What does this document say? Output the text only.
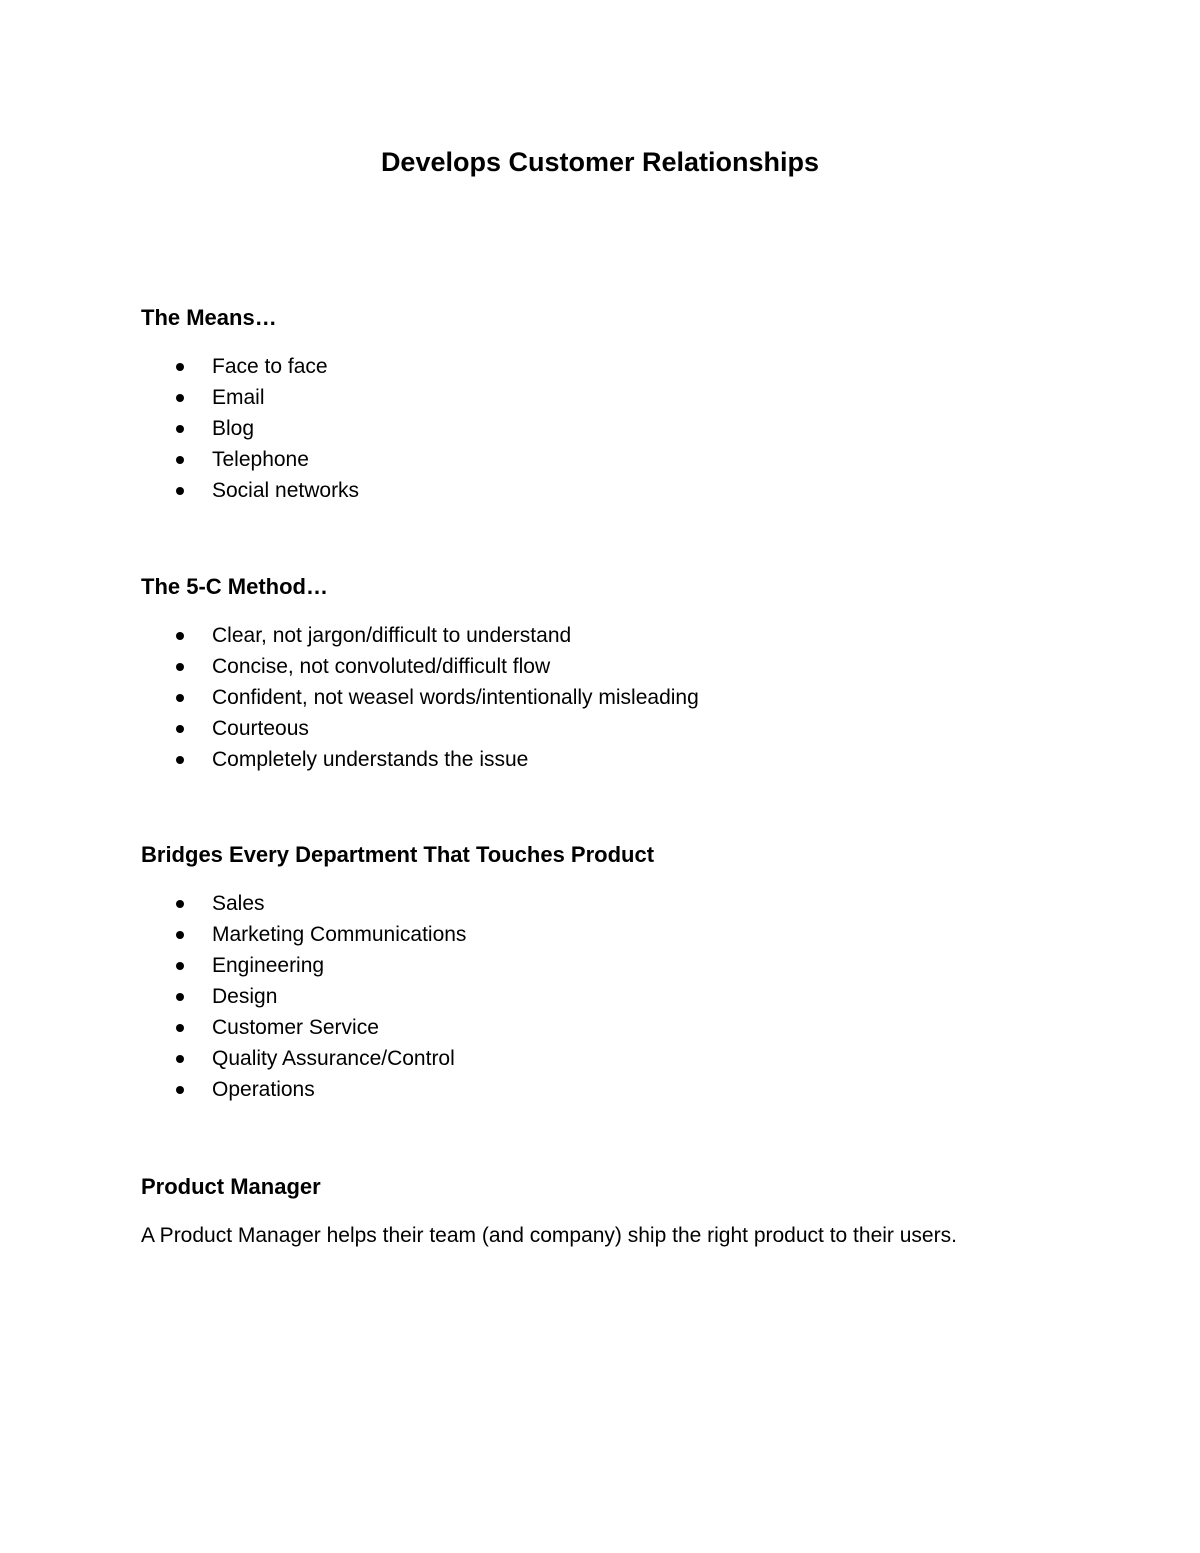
Develops Customer Relationships
The Means…
Face to face
Email
Blog
Telephone
Social networks
The 5-C Method…
Clear, not jargon/difficult to understand
Concise, not convoluted/difficult flow
Confident, not weasel words/intentionally misleading
Courteous
Completely understands the issue
Bridges Every Department That Touches Product
Sales
Marketing Communications
Engineering
Design
Customer Service
Quality Assurance/Control
Operations
Product Manager

A Product Manager helps their team (and company) ship the right product to their users.
